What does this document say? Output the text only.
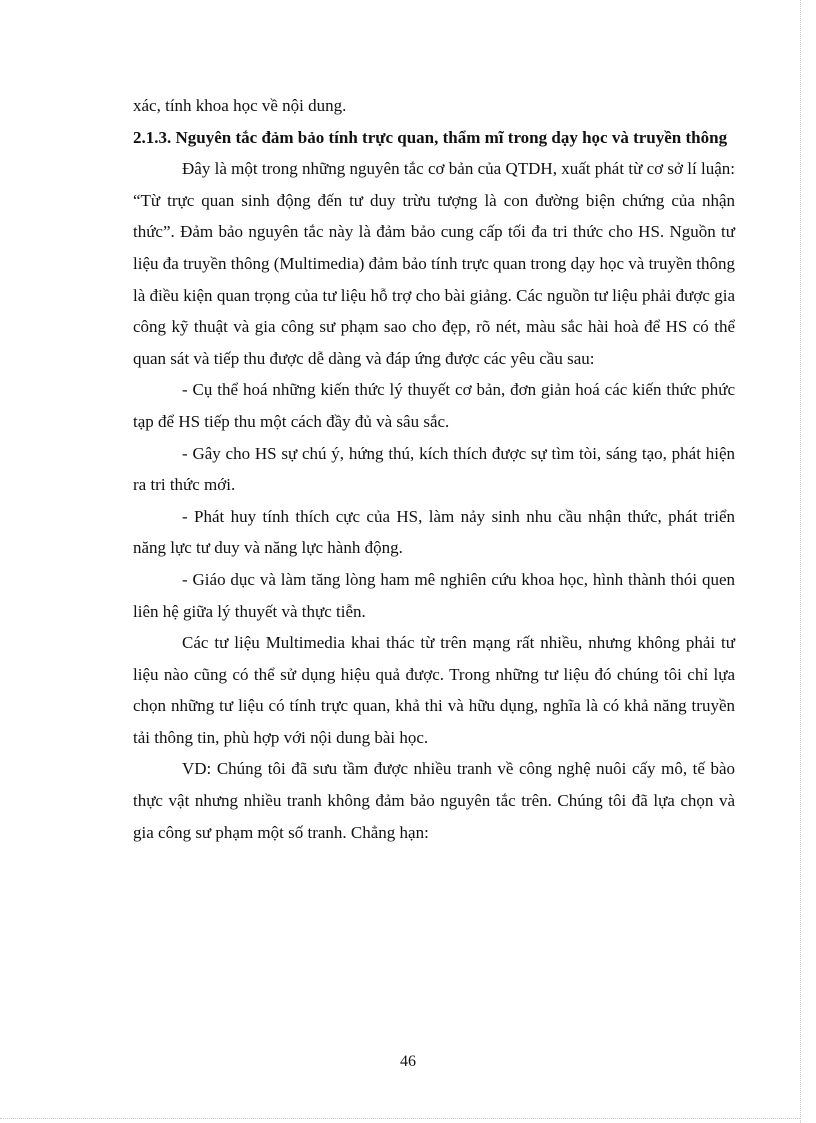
xác, tính khoa học về nội dung.

2.1.3. Nguyên tắc đảm bảo tính trực quan, thẩm mĩ trong dạy học và truyền thông

Đây là một trong những nguyên tắc cơ bản của QTDH, xuất phát từ cơ sở lí luận: “Từ trực quan sinh động đến tư duy trừu tượng là con đường biện chứng của nhận thức”. Đảm bảo nguyên tắc này là đảm bảo cung cấp tối đa tri thức cho HS. Nguồn tư liệu đa truyền thông (Multimedia) đảm bảo tính trực quan trong dạy học và truyền thông là điều kiện quan trọng của tư liệu hỗ trợ cho bài giảng. Các nguồn tư liệu phải được gia công kỹ thuật và gia công sư phạm sao cho đẹp, rõ nét, màu sắc hài hoà để HS có thể quan sát và tiếp thu được dễ dàng và đáp ứng được các yêu cầu sau:

- Cụ thể hoá những kiến thức lý thuyết cơ bản, đơn giản hoá các kiến thức phức tạp để HS tiếp thu một cách đầy đủ và sâu sắc.

- Gây cho HS sự chú ý, hứng thú, kích thích được sự tìm tòi, sáng tạo, phát hiện ra tri thức mới.

- Phát huy tính thích cực của HS, làm nảy sinh nhu cầu nhận thức, phát triển năng lực tư duy và năng lực hành động.

- Giáo dục và làm tăng lòng ham mê nghiên cứu khoa học, hình thành thói quen liên hệ giữa lý thuyết và thực tiễn.

Các tư liệu Multimedia khai thác từ trên mạng rất nhiều, nhưng không phải tư liệu nào cũng có thể sử dụng hiệu quả được. Trong những tư liệu đó chúng tôi chỉ lựa chọn những tư liệu có tính trực quan, khả thi và hữu dụng, nghĩa là có khả năng truyền tải thông tin, phù hợp với nội dung bài học.

VD: Chúng tôi đã sưu tầm được nhiều tranh về công nghệ nuôi cấy mô, tế bào thực vật nhưng nhiều tranh không đảm bảo nguyên tắc trên. Chúng tôi đã lựa chọn và gia công sư phạm một số tranh. Chẳng hạn:

46
